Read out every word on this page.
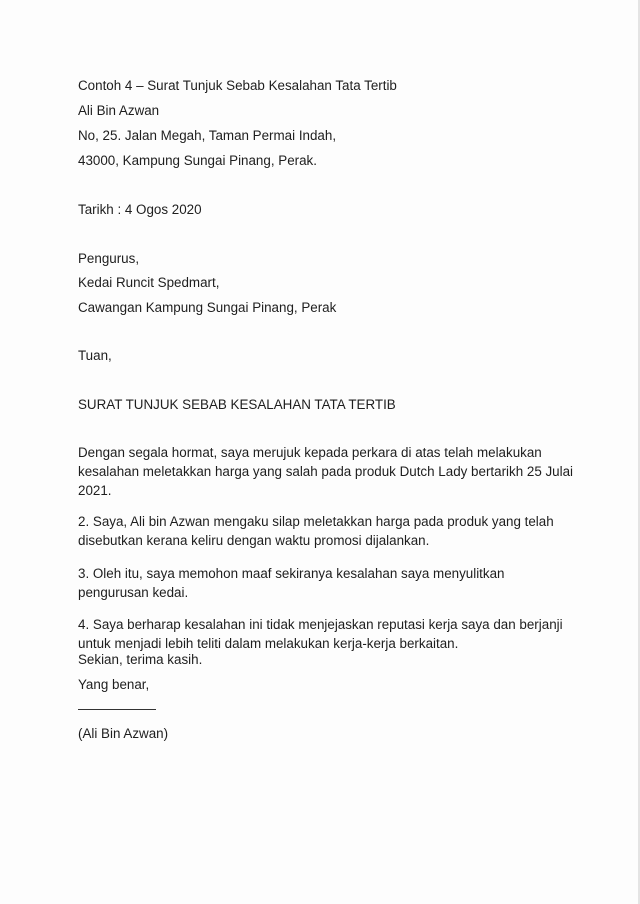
Contoh 4 – Surat Tunjuk Sebab Kesalahan Tata Tertib
Ali Bin Azwan
No, 25. Jalan Megah, Taman Permai Indah,
43000, Kampung Sungai Pinang, Perak.
Tarikh : 4 Ogos 2020
Pengurus,
Kedai Runcit Spedmart,
Cawangan Kampung Sungai Pinang, Perak
Tuan,
SURAT TUNJUK SEBAB KESALAHAN TATA TERTIB
Dengan segala hormat, saya merujuk kepada perkara di atas telah melakukan kesalahan meletakkan harga yang salah pada produk Dutch Lady bertarikh 25 Julai 2021.
2. Saya, Ali bin Azwan mengaku silap meletakkan harga pada produk yang telah disebutkan kerana keliru dengan waktu promosi dijalankan.
3. Oleh itu, saya memohon maaf sekiranya kesalahan saya menyulitkan pengurusan kedai.
4. Saya berharap kesalahan ini tidak menjejaskan reputasi kerja saya dan berjanji untuk menjadi lebih teliti dalam melakukan kerja-kerja berkaitan.
Sekian, terima kasih.
Yang benar,
(Ali Bin Azwan)
